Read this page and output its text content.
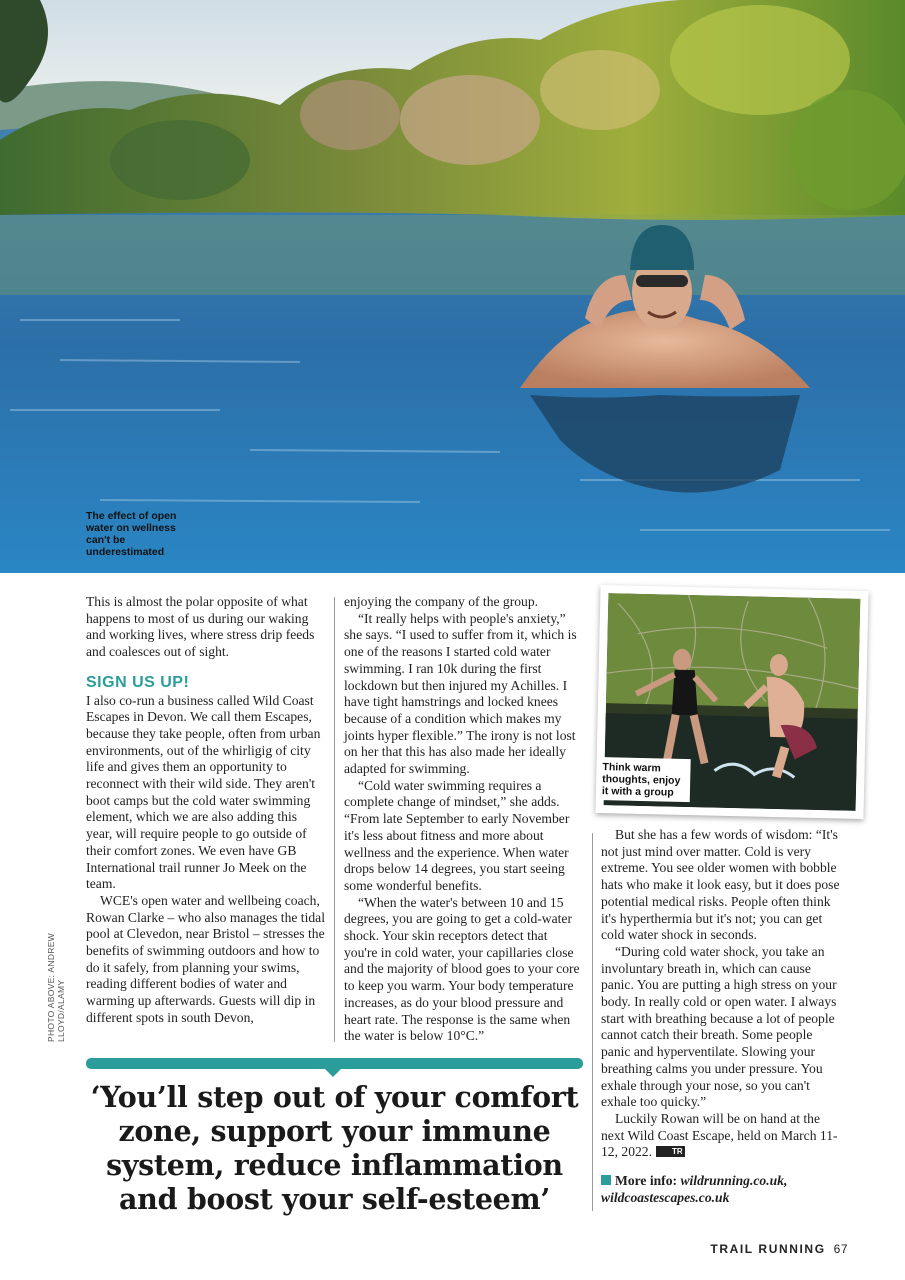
The effect of open water on wellness can't be underestimated
PHOTO ABOVE: ANDREW LLOYD/ALAMY

This is almost the polar opposite of what happens to most of us during our waking and working lives, where stress drip feeds and coalesces out of sight.

SIGN US UP!

I also co-run a business called Wild Coast Escapes in Devon. We call them Escapes, because they take people, often from urban environments, out of the whirligig of city life and gives them an opportunity to reconnect with their wild side. They aren't boot camps but the cold water swimming element, which we are also adding this year, will require people to go outside of their comfort zones. We even have GB International trail runner Jo Meek on the team.

WCE's open water and wellbeing coach, Rowan Clarke – who also manages the tidal pool at Clevedon, near Bristol – stresses the benefits of swimming outdoors and how to do it safely, from planning your swims, reading different bodies of water and warming up afterwards. Guests will dip in different spots in south Devon,

enjoying the company of the group.

“It really helps with people's anxiety,” she says. “I used to suffer from it, which is one of the reasons I started cold water swimming. I ran 10k during the first lockdown but then injured my Achilles. I have tight hamstrings and locked knees because of a condition which makes my joints hyper flexible.” The irony is not lost on her that this has also made her ideally adapted for swimming.

“Cold water swimming requires a complete change of mindset,” she adds. “From late September to early November it's less about fitness and more about wellness and the experience. When water drops below 14 degrees, you start seeing some wonderful benefits.

“When the water's between 10 and 15 degrees, you are going to get a cold-water shock. Your skin receptors detect that you're in cold water, your capillaries close and the majority of blood goes to your core to keep you warm. Your body temperature increases, as do your blood pressure and heart rate. The response is the same when the water is below 10°C.”

Think warm thoughts, enjoy it with a group

But she has a few words of wisdom: “It's not just mind over matter. Cold is very extreme. You see older women with bobble hats who make it look easy, but it does pose potential medical risks. People often think it's hyperthermia but it's not; you can get cold water shock in seconds.

“During cold water shock, you take an involuntary breath in, which can cause panic. You are putting a high stress on your body. In really cold or open water. I always start with breathing because a lot of people cannot catch their breath. Some people panic and hyperventilate. Slowing your breathing calms you under pressure. You exhale through your nose, so you can't exhale too quicky.”

Luckily Rowan will be on hand at the next Wild Coast Escape, held on March 11-12, 2022.	TR

More info: wildrunning.co.uk, wildcoastescapes.co.uk
‘You’ll step out of your comfort zone, support your immune system, reduce inflammation and boost your self-esteem’
TRAIL RUNNING 67
